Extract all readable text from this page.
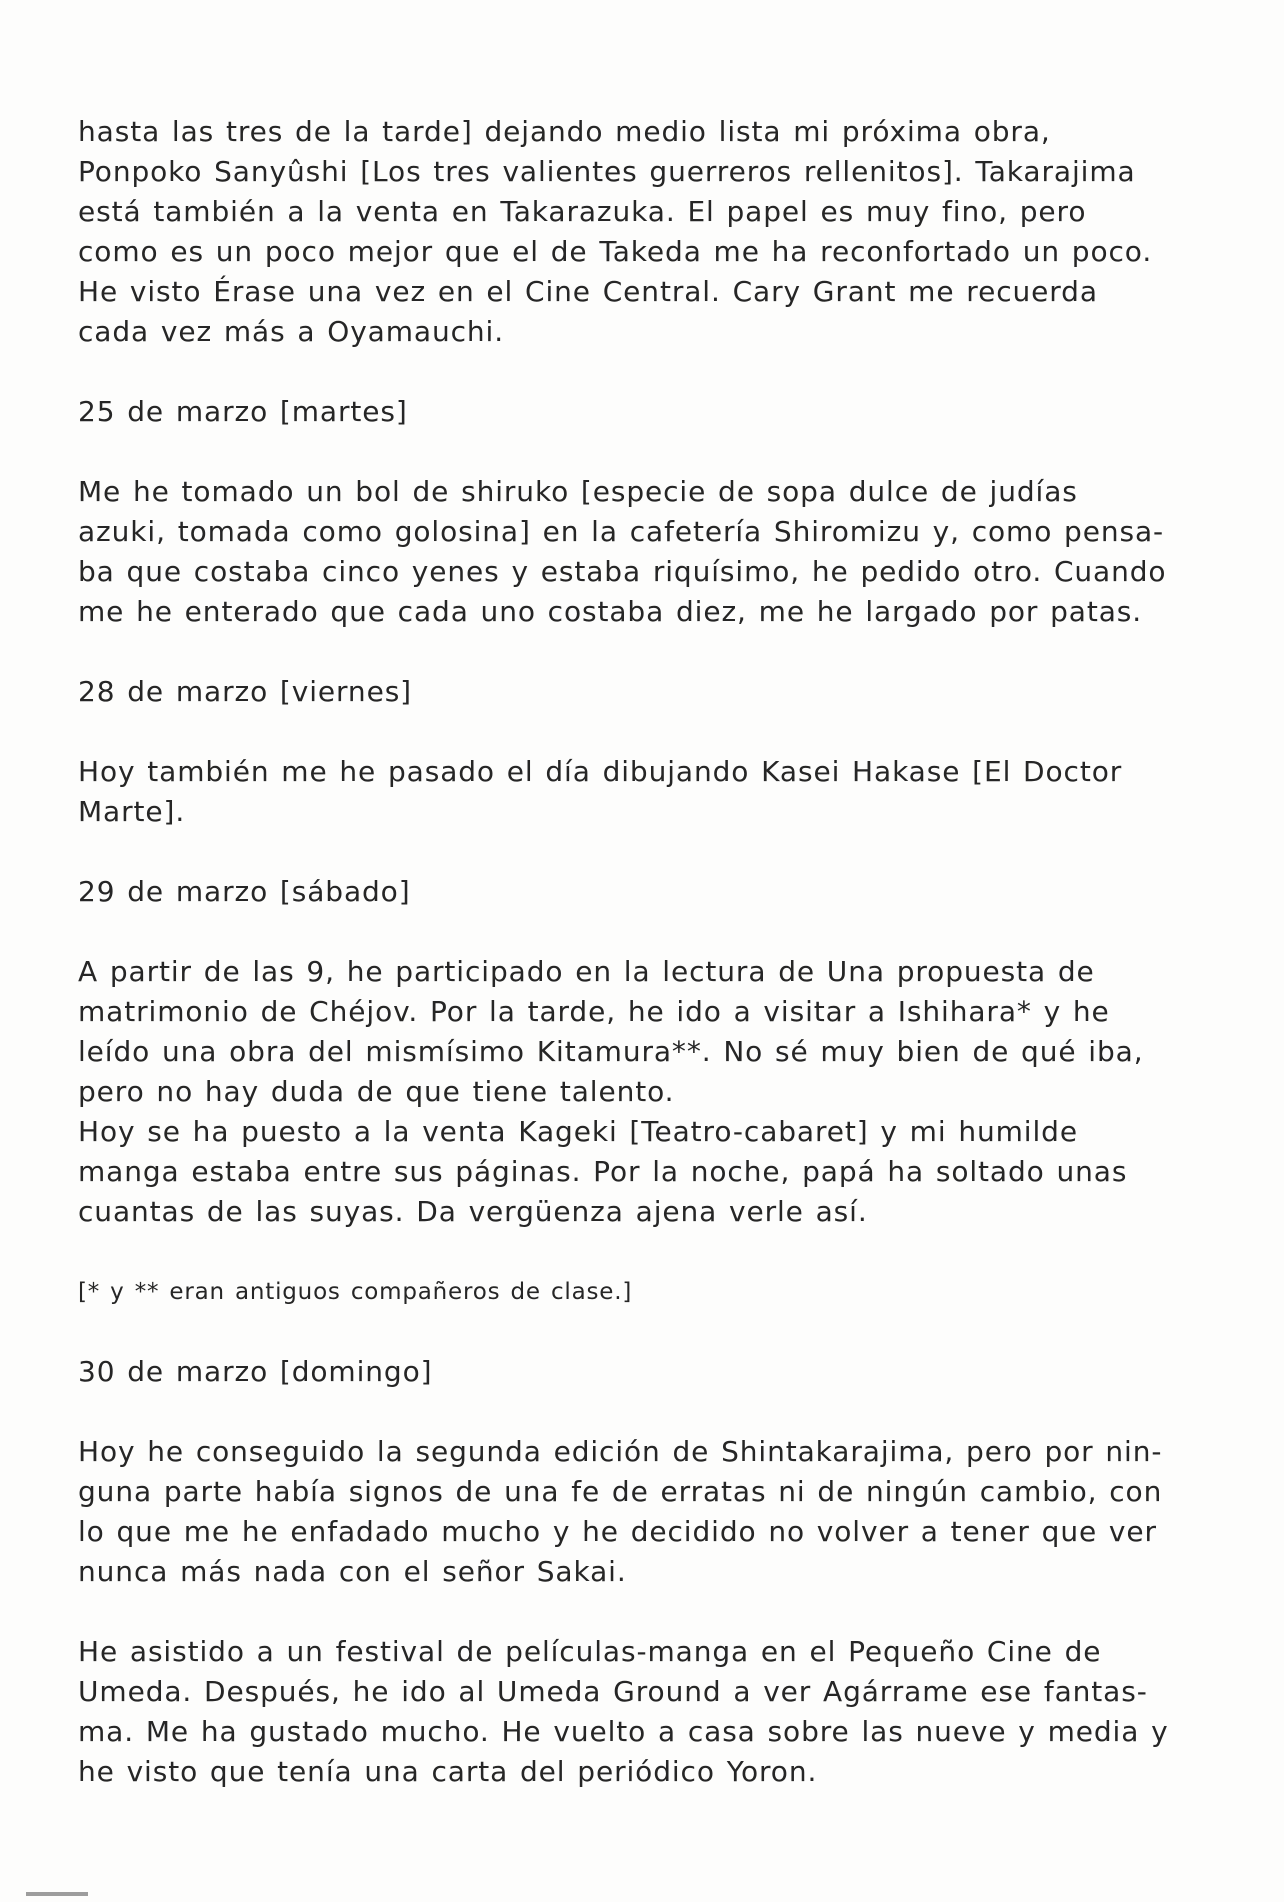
hasta las tres de la tarde] dejando medio lista mi próxima obra,
Ponpoko Sanyûshi [Los tres valientes guerreros rellenitos]. Takarajima
está también a la venta en Takarazuka. El papel es muy fino, pero
como es un poco mejor que el de Takeda me ha reconfortado un poco.
He visto Érase una vez en el Cine Central. Cary Grant me recuerda
cada vez más a Oyamauchi.
25 de marzo [martes]
Me he tomado un bol de shiruko [especie de sopa dulce de judías
azuki, tomada como golosina] en la cafetería Shiromizu y, como pensa-
ba que costaba cinco yenes y estaba riquísimo, he pedido otro. Cuando
me he enterado que cada uno costaba diez, me he largado por patas.
28 de marzo [viernes]
Hoy también me he pasado el día dibujando Kasei Hakase [El Doctor
Marte].
29 de marzo [sábado]
A partir de las 9, he participado en la lectura de Una propuesta de
matrimonio de Chéjov. Por la tarde, he ido a visitar a Ishihara* y he
leído una obra del mismísimo Kitamura**. No sé muy bien de qué iba,
pero no hay duda de que tiene talento.
Hoy se ha puesto a la venta Kageki [Teatro-cabaret] y mi humilde
manga estaba entre sus páginas. Por la noche, papá ha soltado unas
cuantas de las suyas. Da vergüenza ajena verle así.
[* y ** eran antiguos compañeros de clase.]
30 de marzo [domingo]
Hoy he conseguido la segunda edición de Shintakarajima, pero por nin-
guna parte había signos de una fe de erratas ni de ningún cambio, con
lo que me he enfadado mucho y he decidido no volver a tener que ver
nunca más nada con el señor Sakai.
He asistido a un festival de películas-manga en el Pequeño Cine de
Umeda. Después, he ido al Umeda Ground a ver Agárrame ese fantas-
ma. Me ha gustado mucho. He vuelto a casa sobre las nueve y media y
he visto que tenía una carta del periódico Yoron.
